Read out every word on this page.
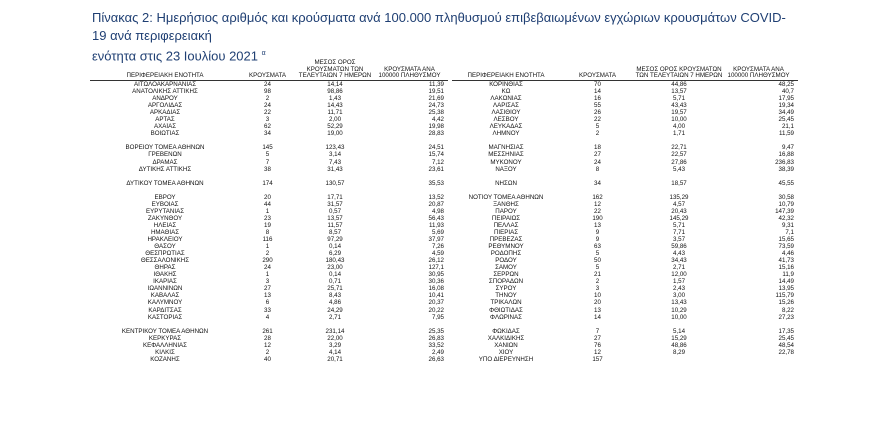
Πίνακας 2: Ημερήσιος αριθμός και κρούσματα ανά 100.000 πληθυσμού επιβεβαιωμένων εγχώριων κρουσμάτων COVID-19 ανά περιφερειακή
ενότητα στις 23 Ιουλίου 2021 $^\alpha$
ΠΕΡΙΦΕΡΕΙΑΚΗ ΕΝΟΤΗΤΑ	ΚΡΟΥΣΜΑΤΑ	ΜΕΣΟΣ ΟΡΟΣ ΚΡΟΥΣΜΑΤΩΝ ΤΩΝ ΤΕΛΕΥΤΑΙΩΝ 7 ΗΜΕΡΩΝ	ΚΡΟΥΣΜΑΤΑ ΑΝΑ 100000 ΠΛΗΘΥΣΜΟΥ
ΑΙΤΩΛΟΑΚΑΡΝΑΝΙΑΣ	24	14,14	11,39
ΑΝΑΤΟΛΙΚΗΣ ΑΤΤΙΚΗΣ	98	98,86	19,51
ΑΝΔΡΟΥ	2	1,43	21,69
ΑΡΓΟΛΙΔΑΣ	24	14,43	24,73
ΑΡΚΑΔΙΑΣ	22	11,71	25,38
ΑΡΤΑΣ	3	2,00	4,42
ΑΧΑΪΑΣ	62	52,29	19,98
ΒΟΙΩΤΙΑΣ	34	19,00	28,83

ΒΟΡΕΙΟΥ ΤΟΜΕΑ ΑΘΗΝΩΝ	145	123,43	24,51
ΓΡΕΒΕΝΩΝ	5	3,14	15,74
ΔΡΑΜΑΣ	7	7,43	7,12
ΔΥΤΙΚΗΣ ΑΤΤΙΚΗΣ	38	31,43	23,61

ΔΥΤΙΚΟΥ ΤΟΜΕΑ ΑΘΗΝΩΝ	174	130,57	35,53

ΕΒΡΟΥ	20	17,71	13,52
ΕΥΒΟΙΑΣ	44	31,57	20,87
ΕΥΡΥΤΑΝΙΑΣ	1	0,57	4,98
ΖΑΚΥΝΘΟΥ	23	13,57	56,43
ΗΛΕΙΑΣ	19	11,57	11,93
ΗΜΑΘΙΑΣ	8	8,57	5,69
ΗΡΑΚΛΕΙΟΥ	116	97,29	37,97
ΘΑΣΟΥ	1	0,14	7,26
ΘΕΣΠΡΩΤΙΑΣ	2	6,29	4,59
ΘΕΣΣΑΛΟΝΙΚΗΣ	290	180,43	26,12
ΘΗΡΑΣ	24	23,00	127,1
ΙΘΑΚΗΣ	1	0,14	30,95
ΙΚΑΡΙΑΣ	3	0,71	30,36
ΙΩΑΝΝΙΝΩΝ	27	25,71	16,08
ΚΑΒΑΛΑΣ	13	8,43	10,41
ΚΑΛΥΜΝΟΥ	6	4,86	20,37
ΚΑΡΔΙΤΣΑΣ	33	24,29	20,22
ΚΑΣΤΟΡΙΑΣ	4	2,71	7,95

ΚΕΝΤΡΙΚΟΥ ΤΟΜΕΑ ΑΘΗΝΩΝ	261	231,14	25,35
ΚΕΡΚΥΡΑΣ	28	22,00	26,83
ΚΕΦΑΛΛΗΝΙΑΣ	12	3,29	33,52
ΚΙΛΚΙΣ	2	4,14	2,49
ΚΟΖΑΝΗΣ	40	20,71	26,63
ΠΕΡΙΦΕΡΕΙΑΚΗ ΕΝΟΤΗΤΑ	ΚΡΟΥΣΜΑΤΑ	ΜΕΣΟΣ ΟΡΟΣ ΚΡΟΥΣΜΑΤΩΝ ΤΩΝ ΤΕΛΕΥΤΑΙΩΝ 7 ΗΜΕΡΩΝ	ΚΡΟΥΣΜΑΤΑ ΑΝΑ 100000 ΠΛΗΘΥΣΜΟΥ
ΚΟΡΙΝΘΙΑΣ	70	44,86	48,25
ΚΩ	14	13,57	40,7
ΛΑΚΩΝΙΑΣ	16	5,71	17,95
ΛΑΡΙΣΑΣ	55	43,43	19,34
ΛΑΣΙΘΙΟΥ	26	19,57	34,49
ΛΕΣΒΟΥ	22	10,00	25,45
ΛΕΥΚΑΔΑΣ	5	4,00	21,1
ΛΗΜΝΟΥ	2	1,71	11,59

ΜΑΓΝΗΣΙΑΣ	18	22,71	9,47
ΜΕΣΣΗΝΙΑΣ	27	22,57	16,88
ΜΥΚΟΝΟΥ	24	27,86	236,83
ΝΑΞΟΥ	8	5,43	38,39

ΝΗΣΩΝ	34	18,57	45,55

ΝΟΤΙΟΥ ΤΟΜΕΑ ΑΘΗΝΩΝ	162	135,29	30,58
ΞΑΝΘΗΣ	12	4,57	10,79
ΠΑΡΟΥ	22	20,43	147,39
ΠΕΙΡΑΙΩΣ	190	145,29	42,32
ΠΕΛΛΑΣ	13	5,71	9,31
ΠΙΕΡΙΑΣ	9	7,71	7,1
ΠΡΕΒΕΖΑΣ	9	3,57	15,65
ΡΕΘΥΜΝΟΥ	63	59,86	73,59
ΡΟΔΟΠΗΣ	5	4,43	4,46
ΡΟΔΟΥ	50	34,43	41,73
ΣΑΜΟΥ	5	2,71	15,16
ΣΕΡΡΩΝ	21	12,00	11,9
ΣΠΟΡΑΔΩΝ	2	1,57	14,49
ΣΥΡΟΥ	3	2,43	13,95
ΤΗΝΟΥ	10	3,00	115,79
ΤΡΙΚΑΛΩΝ	20	13,43	15,26
ΦΘΙΩΤΙΔΑΣ	13	10,29	8,22
ΦΛΩΡΙΝΑΣ	14	10,00	27,23

ΦΩΚΙΔΑΣ	7	5,14	17,35
ΧΑΛΚΙΔΙΚΗΣ	27	15,29	25,45
ΧΑΝΙΩΝ	76	48,86	48,54
ΧΙΟΥ	12	8,29	22,78
ΥΠΟ ΔΙΕΡΕΥΝΗΣΗ	157		
